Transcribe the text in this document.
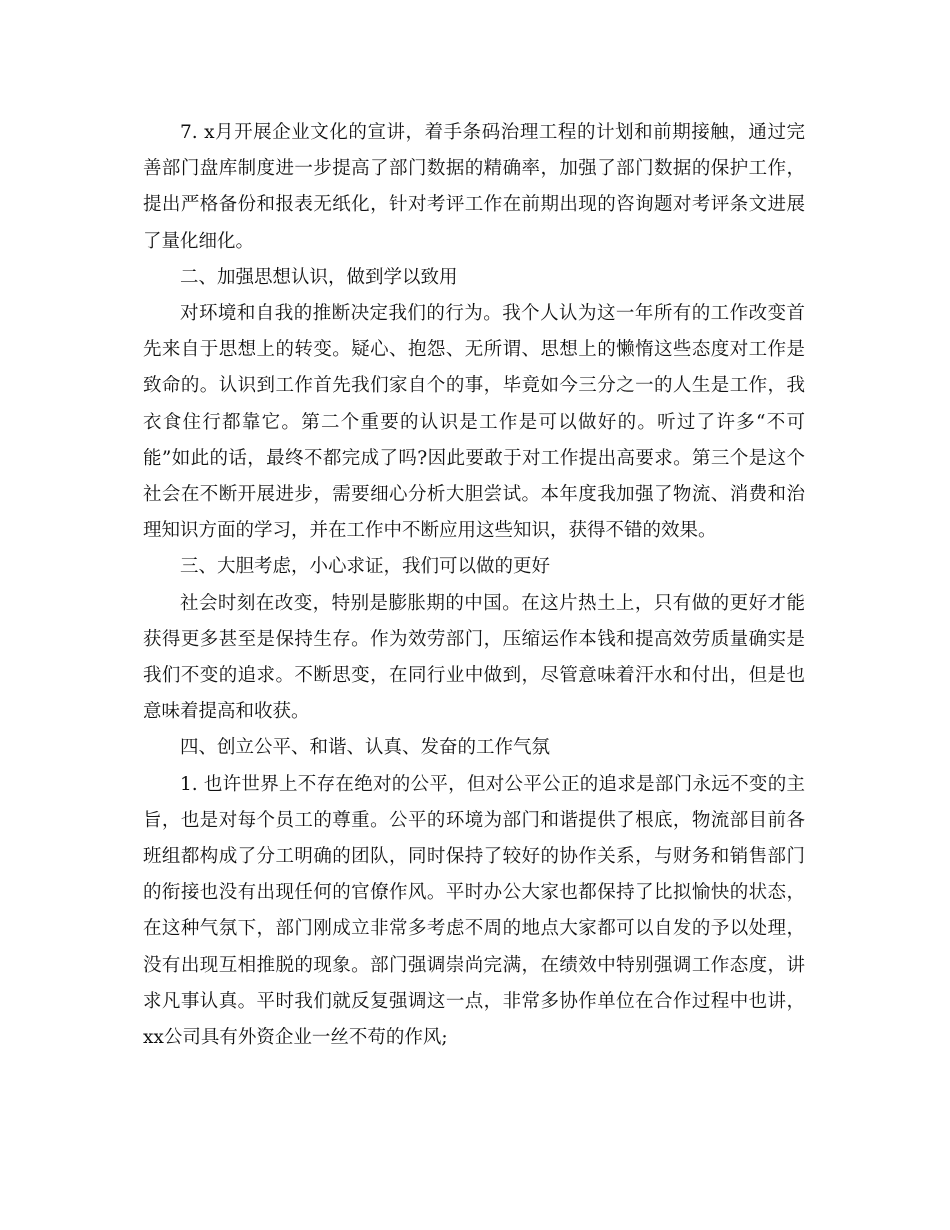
7. x月开展企业文化的宣讲，着手条码治理工程的计划和前期接触，通过完善部门盘库制度进一步提高了部门数据的精确率，加强了部门数据的保护工作，提出严格备份和报表无纸化，针对考评工作在前期出现的咨询题对考评条文进展了量化细化。

二、加强思想认识，做到学以致用

对环境和自我的推断决定我们的行为。我个人认为这一年所有的工作改变首先来自于思想上的转变。疑心、抱怨、无所谓、思想上的懒惰这些态度对工作是致命的。认识到工作首先我们家自个的事，毕竟如今三分之一的人生是工作，我衣食住行都靠它。第二个重要的认识是工作是可以做好的。听过了许多“不可能”如此的话，最终不都完成了吗?因此要敢于对工作提出高要求。第三个是这个社会在不断开展进步，需要细心分析大胆尝试。本年度我加强了物流、消费和治理知识方面的学习，并在工作中不断应用这些知识，获得不错的效果。

三、大胆考虑，小心求证，我们可以做的更好

社会时刻在改变，特别是膨胀期的中国。在这片热土上，只有做的更好才能获得更多甚至是保持生存。作为效劳部门，压缩运作本钱和提高效劳质量确实是我们不变的追求。不断思变，在同行业中做到，尽管意味着汗水和付出，但是也意味着提高和收获。

四、创立公平、和谐、认真、发奋的工作气氛

1. 也许世界上不存在绝对的公平，但对公平公正的追求是部门永远不变的主旨，也是对每个员工的尊重。公平的环境为部门和谐提供了根底，物流部目前各班组都构成了分工明确的团队，同时保持了较好的协作关系，与财务和销售部门的衔接也没有出现任何的官僚作风。平时办公大家也都保持了比拟愉快的状态，在这种气氛下，部门刚成立非常多考虑不周的地点大家都可以自发的予以处理，没有出现互相推脱的现象。部门强调崇尚完满，在绩效中特别强调工作态度，讲求凡事认真。平时我们就反复强调这一点，非常多协作单位在合作过程中也讲，xx公司具有外资企业一丝不苟的作风;
